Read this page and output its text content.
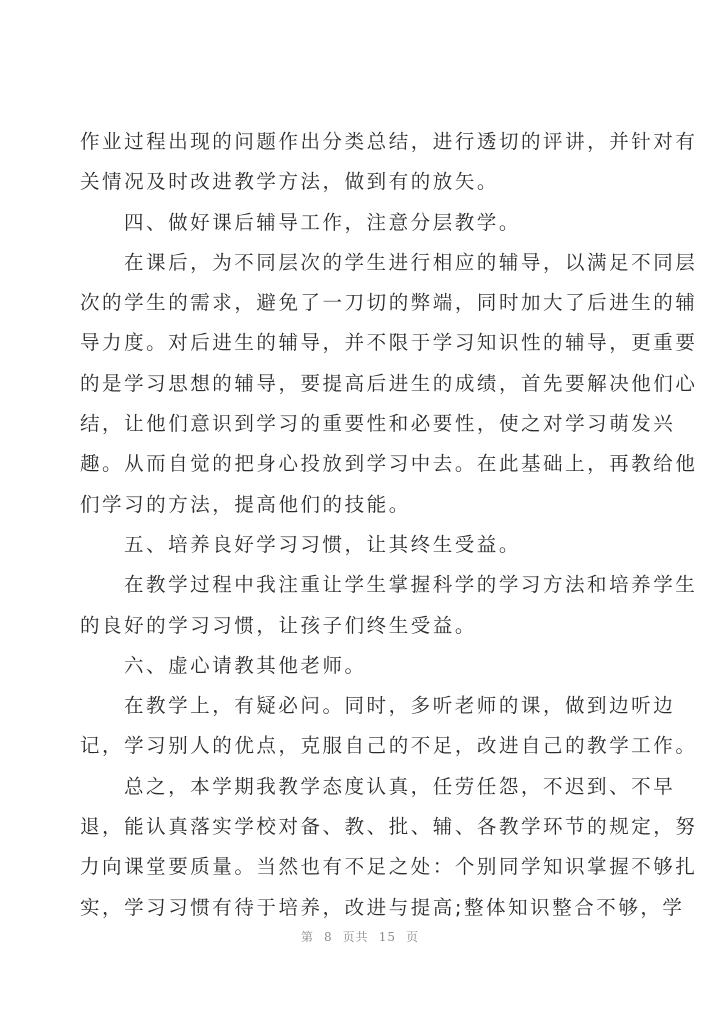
作业过程出现的问题作出分类总结，进行透切的评讲，并针对有
关情况及时改进教学方法，做到有的放矢。
四、做好课后辅导工作，注意分层教学。
在课后，为不同层次的学生进行相应的辅导，以满足不同层
次的学生的需求，避免了一刀切的弊端，同时加大了后进生的辅
导力度。对后进生的辅导，并不限于学习知识性的辅导，更重要
的是学习思想的辅导，要提高后进生的成绩，首先要解决他们心
结，让他们意识到学习的重要性和必要性，使之对学习萌发兴
趣。从而自觉的把身心投放到学习中去。在此基础上，再教给他
们学习的方法，提高他们的技能。
五、培养良好学习习惯，让其终生受益。
在教学过程中我注重让学生掌握科学的学习方法和培养学生
的良好的学习习惯，让孩子们终生受益。
六、虚心请教其他老师。
在教学上，有疑必问。同时，多听老师的课，做到边听边
记，学习别人的优点，克服自己的不足，改进自己的教学工作。
总之，本学期我教学态度认真，任劳任怨，不迟到、不早
退，能认真落实学校对备、教、批、辅、各教学环节的规定，努
力向课堂要质量。当然也有不足之处：个别同学知识掌握不够扎
实，学习习惯有待于培养，改进与提高;整体知识整合不够，学
第 8 页共 15 页
